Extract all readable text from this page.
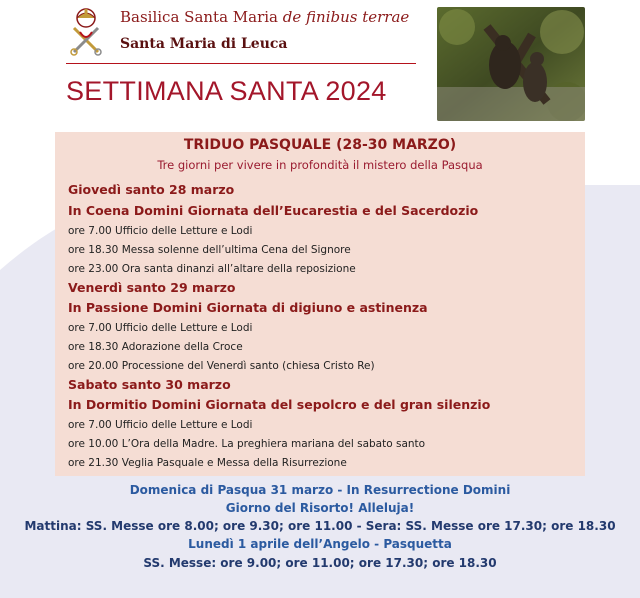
Basilica Santa Maria de finibus terrae

Santa Maria di Leuca

SETTIMANA SANTA 2024
TRIDUO PASQUALE (28-30 MARZO)
Tre giorni per vivere in profondità il mistero della Pasqua
Giovedì santo 28 marzo
In Coena Domini Giornata dell’Eucarestia e del Sacerdozio
ore 7.00 Ufficio delle Letture e Lodi
ore 18.30 Messa solenne dell’ultima Cena del Signore
ore 23.00 Ora santa dinanzi all’altare della reposizione
Venerdì santo 29 marzo
In Passione Domini Giornata di digiuno e astinenza
ore 7.00 Ufficio delle Letture e Lodi
ore 18.30 Adorazione della Croce
ore 20.00 Processione del Venerdì santo (chiesa Cristo Re)
Sabato santo 30 marzo
In Dormitio Domini Giornata del sepolcro e del gran silenzio
ore 7.00 Ufficio delle Letture e Lodi
ore 10.00 L’Ora della Madre. La preghiera mariana del sabato santo
ore 21.30 Veglia Pasquale e Messa della Risurrezione
Domenica di Pasqua 31 marzo - In Resurrectione Domini
Giorno del Risorto! Alleluja!
Mattina: SS. Messe ore 8.00; ore 9.30; ore 11.00 - Sera: SS. Messe ore 17.30; ore 18.30
Lunedì 1 aprile dell’Angelo - Pasquetta
SS. Messe: ore 9.00; ore 11.00; ore 17.30; ore 18.30
